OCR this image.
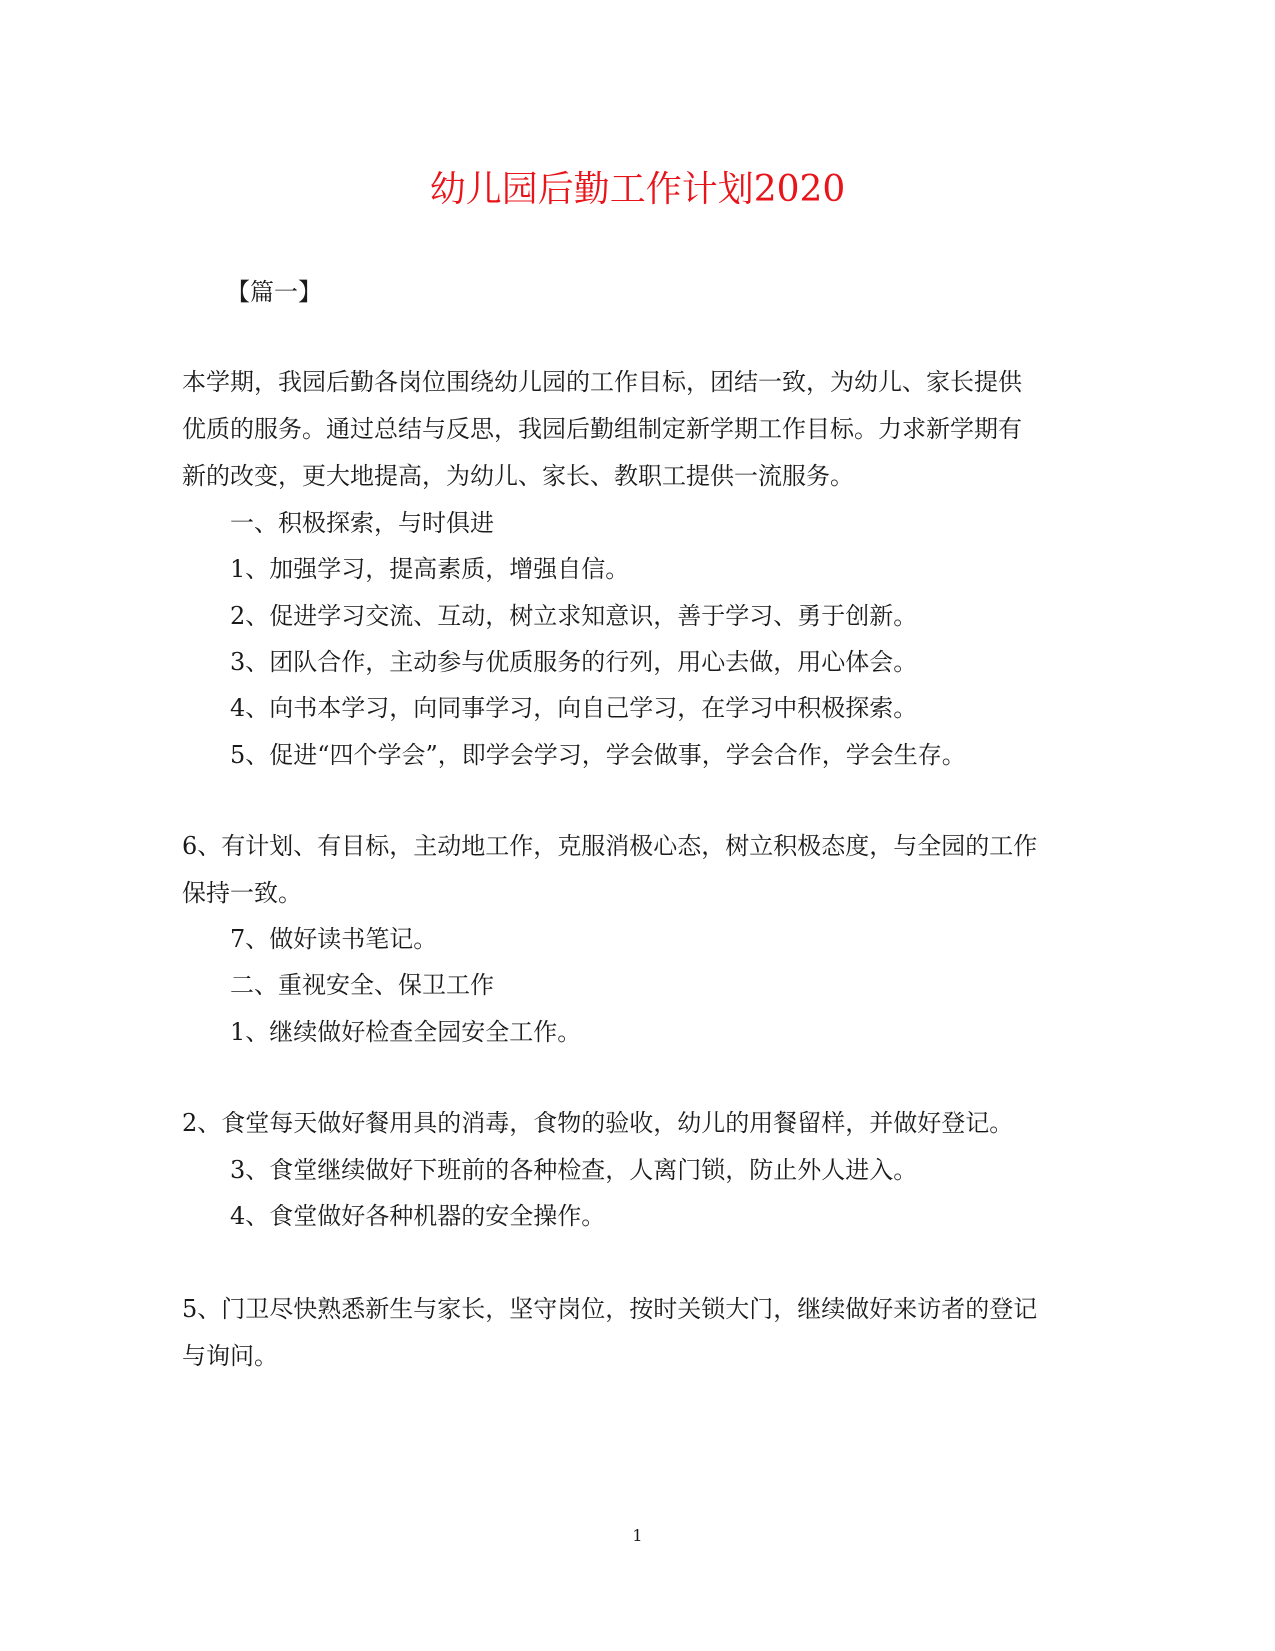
幼儿园后勤工作计划2020

【篇一】

本学期，我园后勤各岗位围绕幼儿园的工作目标，团结一致，为幼儿、家长提供

优质的服务。通过总结与反思，我园后勤组制定新学期工作目标。力求新学期有

新的改变，更大地提高，为幼儿、家长、教职工提供一流服务。

一、积极探索，与时俱进

1、加强学习，提高素质，增强自信。

2、促进学习交流、互动，树立求知意识，善于学习、勇于创新。

3、团队合作，主动参与优质服务的行列，用心去做，用心体会。

4、向书本学习，向同事学习，向自己学习，在学习中积极探索。

5、促进“四个学会”，即学会学习，学会做事，学会合作，学会生存。

6、有计划、有目标，主动地工作，克服消极心态，树立积极态度，与全园的工作

保持一致。

7、做好读书笔记。

二、重视安全、保卫工作

1、继续做好检查全园安全工作。

2、食堂每天做好餐用具的消毒，食物的验收，幼儿的用餐留样，并做好登记。

3、食堂继续做好下班前的各种检查，人离门锁，防止外人进入。

4、食堂做好各种机器的安全操作。

5、门卫尽快熟悉新生与家长，坚守岗位，按时关锁大门，继续做好来访者的登记

与询问。

1
